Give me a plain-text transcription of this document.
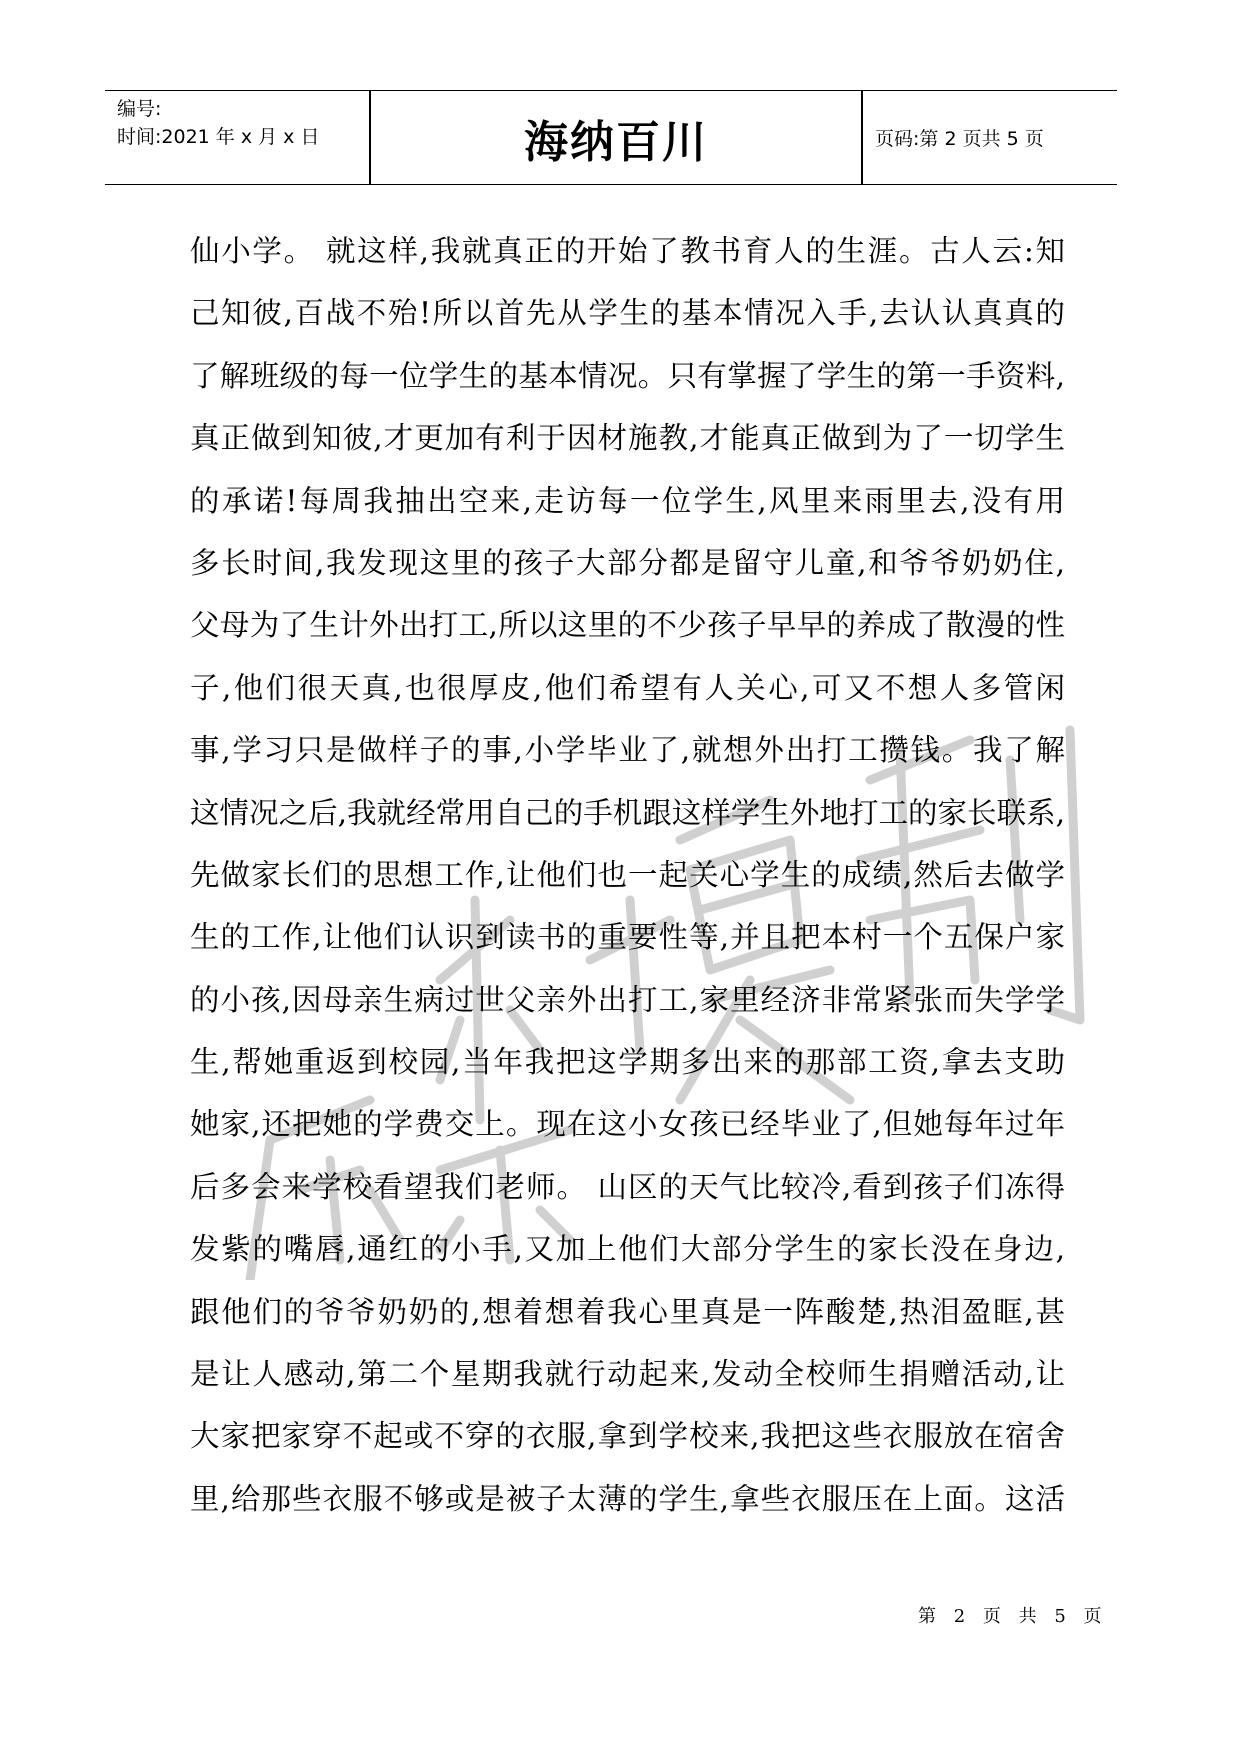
编号:
时间:2021 年 x 月 x 日	海纳百川	页码:第 2 页共 5 页
仙小学。 就这样,我就真正的开始了教书育人的生涯。古人云:知
己知彼,百战不殆!所以首先从学生的基本情况入手,去认认真真的
了解班级的每一位学生的基本情况。只有掌握了学生的第一手资料,
真正做到知彼,才更加有利于因材施教,才能真正做到为了一切学生
的承诺!每周我抽出空来,走访每一位学生,风里来雨里去,没有用
多长时间,我发现这里的孩子大部分都是留守儿童,和爷爷奶奶住,
父母为了生计外出打工,所以这里的不少孩子早早的养成了散漫的性
子,他们很天真,也很厚皮,他们希望有人关心,可又不想人多管闲
事,学习只是做样子的事,小学毕业了,就想外出打工攒钱。我了解
这情况之后,我就经常用自己的手机跟这样学生外地打工的家长联系,
先做家长们的思想工作,让他们也一起关心学生的成绩,然后去做学
生的工作,让他们认识到读书的重要性等,并且把本村一个五保户家
的小孩,因母亲生病过世父亲外出打工,家里经济非常紧张而失学学
生,帮她重返到校园,当年我把这学期多出来的那部工资,拿去支助
她家,还把她的学费交上。现在这小女孩已经毕业了,但她每年过年
后多会来学校看望我们老师。 山区的天气比较冷,看到孩子们冻得
发紫的嘴唇,通红的小手,又加上他们大部分学生的家长没在身边,
跟他们的爷爷奶奶的,想着想着我心里真是一阵酸楚,热泪盈眶,甚
是让人感动,第二个星期我就行动起来,发动全校师生捐赠活动,让
大家把家穿不起或不穿的衣服,拿到学校来,我把这些衣服放在宿舍
里,给那些衣服不够或是被子太薄的学生,拿些衣服压在上面。这活
第 2 页 共 5 页
